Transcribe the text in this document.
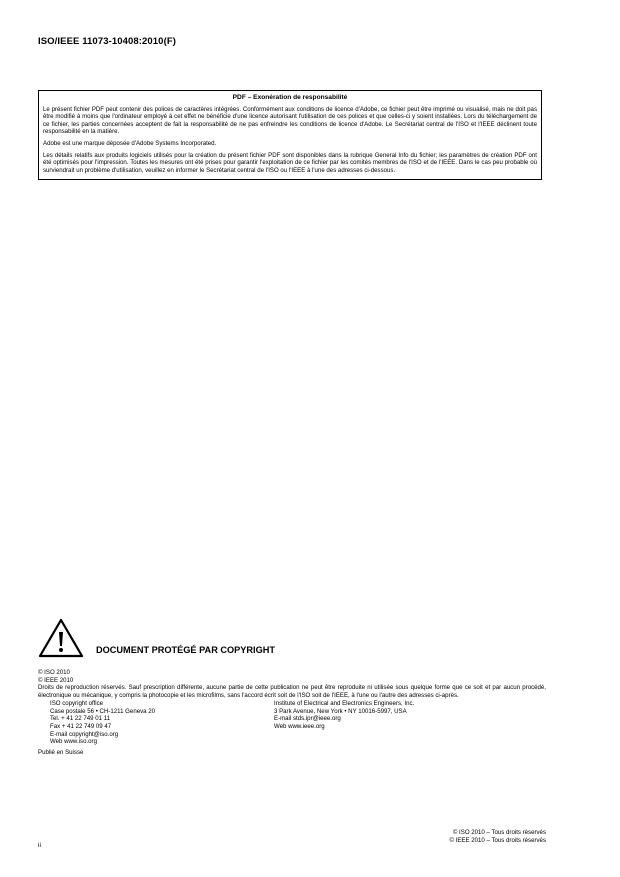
ISO/IEEE 11073-10408:2010(F)
PDF – Exonération de responsabilité

Le présent fichier PDF peut contenir des polices de caractères intégrées. Conformément aux conditions de licence d'Adobe, ce fichier peut être imprimé ou visualisé, mais ne doit pas être modifié à moins que l'ordinateur employé à cet effet ne bénéficie d'une licence autorisant l'utilisation de ces polices et que celles-ci y soient installées. Lors du téléchargement de ce fichier, les parties concernées acceptent de fait la responsabilité de ne pas enfreindre les conditions de licence d'Adobe. Le Secrétariat central de l'ISO et l'IEEE déclinent toute responsabilité en la matière.

Adobe est une marque déposée d'Adobe Systems Incorporated.

Les détails relatifs aux produits logiciels utilisés pour la création du présent fichier PDF sont disponibles dans la rubrique General Info du fichier; les paramètres de création PDF ont été optimisés pour l'impression. Toutes les mesures ont été prises pour garantir l'exploitation de ce fichier par les comités membres de l'ISO et de l'IEEE. Dans le cas peu probable où surviendrait un problème d'utilisation, veuillez en informer le Secrétariat central de l'ISO ou l'IEEE à l'une des adresses ci-dessous.

DOCUMENT PROTÉGÉ PAR COPYRIGHT
© ISO 2010
© IEEE 2010
Droits de reproduction réservés. Sauf prescription différente, aucune partie de cette publication ne peut être reproduite ni utilisée sous quelque forme que ce soit et par aucun procédé, électronique ou mécanique, y compris la photocopie et les microfilms, sans l'accord écrit soit de l'ISO soit de l'IEEE, à l'une ou l'autre des adresses ci-après.
ISO copyright office
Case postale 56 • CH-1211 Geneva 20
Tel. + 41 22 749 01 11
Fax + 41 22 749 09 47
E-mail copyright@iso.org
Web www.iso.org
Institute of Electrical and Electronics Engineers, Inc.
3 Park Avenue, New York • NY 10016-5997, USA
E-mail stds.ipr@ieee.org
Web www.ieee.org
Publié en Suisse
ii
© ISO 2010 – Tous droits réservés
© IEEE 2010 – Tous droits réservés
